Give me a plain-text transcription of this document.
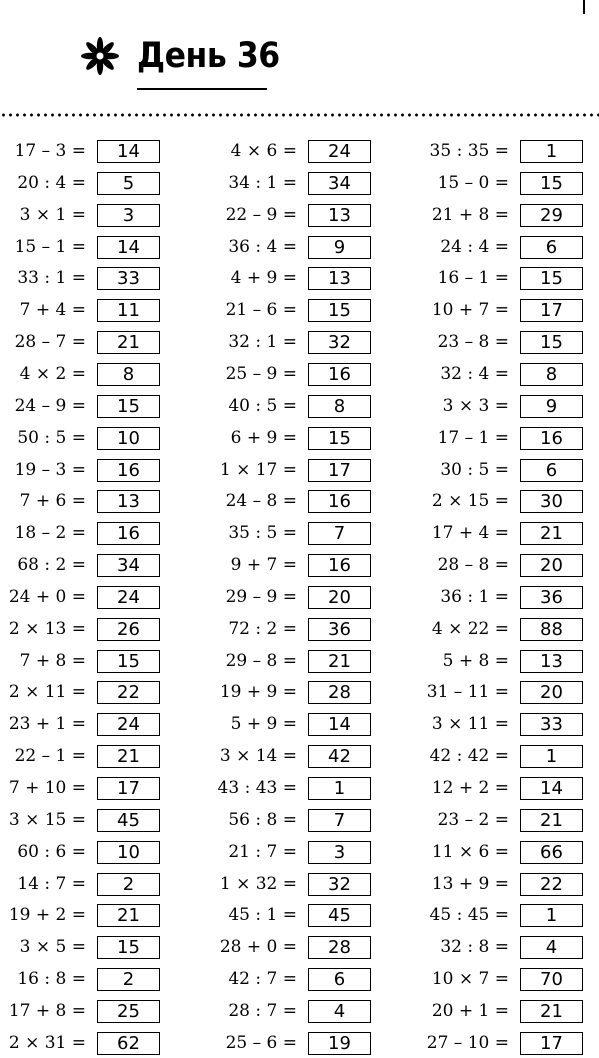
День 36
17 – 3 =	14	4 × 6 =	24	35 : 35 =	1
20 : 4 =	5	34 : 1 =	34	15 – 0 =	15
3 × 1 =	3	22 – 9 =	13	21 + 8 =	29
15 – 1 =	14	36 : 4 =	9	24 : 4 =	6
33 : 1 =	33	4 + 9 =	13	16 – 1 =	15
7 + 4 =	11	21 – 6 =	15	10 + 7 =	17
28 – 7 =	21	32 : 1 =	32	23 – 8 =	15
4 × 2 =	8	25 – 9 =	16	32 : 4 =	8
24 – 9 =	15	40 : 5 =	8	3 × 3 =	9
50 : 5 =	10	6 + 9 =	15	17 – 1 =	16
19 – 3 =	16	1 × 17 =	17	30 : 5 =	6
7 + 6 =	13	24 – 8 =	16	2 × 15 =	30
18 – 2 =	16	35 : 5 =	7	17 + 4 =	21
68 : 2 =	34	9 + 7 =	16	28 – 8 =	20
24 + 0 =	24	29 – 9 =	20	36 : 1 =	36
2 × 13 =	26	72 : 2 =	36	4 × 22 =	88
7 + 8 =	15	29 – 8 =	21	5 + 8 =	13
2 × 11 =	22	19 + 9 =	28	31 – 11 =	20
23 + 1 =	24	5 + 9 =	14	3 × 11 =	33
22 – 1 =	21	3 × 14 =	42	42 : 42 =	1
7 + 10 =	17	43 : 43 =	1	12 + 2 =	14
3 × 15 =	45	56 : 8 =	7	23 – 2 =	21
60 : 6 =	10	21 : 7 =	3	11 × 6 =	66
14 : 7 =	2	1 × 32 =	32	13 + 9 =	22
19 + 2 =	21	45 : 1 =	45	45 : 45 =	1
3 × 5 =	15	28 + 0 =	28	32 : 8 =	4
16 : 8 =	2	42 : 7 =	6	10 × 7 =	70
17 + 8 =	25	28 : 7 =	4	20 + 1 =	21
2 × 31 =	62	25 – 6 =	19	27 – 10 =	17
